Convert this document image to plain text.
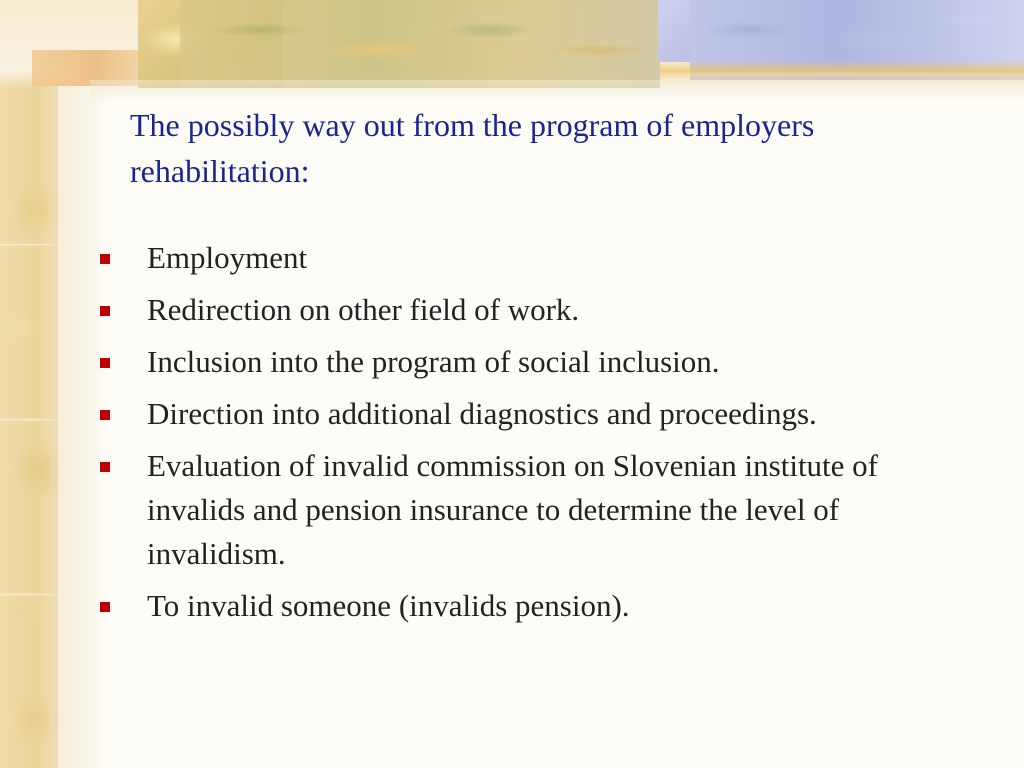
The possibly way out from the program of employers rehabilitation:
Employment
Redirection on other field of work.
Inclusion into the program of social inclusion.
Direction into additional diagnostics and proceedings.
Evaluation of invalid commission on Slovenian institute of invalids and pension insurance to determine the level of invalidism.
To invalid someone (invalids pension).
